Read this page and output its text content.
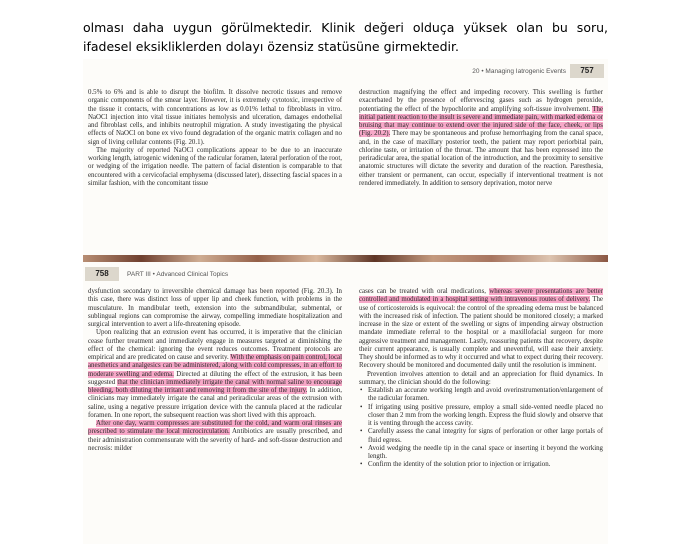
olması daha uygun görülmektedir. Klinik değeri olduça yüksek olan bu soru, ifadesel eksikliklerden dolayı özensiz statüsüne girmektedir.
20 • Managing Iatrogenic Events	757

0.5% to 6% and is able to disrupt the biofilm. It dissolve necrotic tissues and remove organic components of the smear layer. However, it is extremely cytotoxic, irrespective of the tissue it contacts, with concentrations as low as 0.01% lethal to fibroblasts in vitro. NaOCl injection into vital tissue initiates hemolysis and ulceration, damages endothelial and fibroblast cells, and inhibits neutrophil migration. A study investigating the physical effects of NaOCl on bone ex vivo found degradation of the organic matrix collagen and no sign of living cellular contents (Fig. 20.1).

The majority of reported NaOCl complications appear to be due to an inaccurate working length, iatrogenic widening of the radicular foramen, lateral perforation of the root, or wedging of the irrigation needle. The pattern of facial distention is comparable to that encountered with a cervicofacial emphysema (discussed later), dissecting fascial spaces in a similar fashion, with the concomitant tissue

destruction magnifying the effect and impeding recovery. This swelling is further exacerbated by the presence of effervescing gases such as hydrogen peroxide, potentiating the effect of the hypochlorite and amplifying soft-tissue involvement. The initial patient reaction to the insult is severe and immediate pain, with marked edema or bruising that may continue to extend over the injured side of the face, cheek, or lips (Fig. 20.2). There may be spontaneous and profuse hemorrhaging from the canal space, and, in the case of maxillary posterior teeth, the patient may report periorbital pain, chlorine taste, or irritation of the throat. The amount that has been expressed into the periradicular area, the spatial location of the introduction, and the proximity to sensitive anatomic structures will dictate the severity and duration of the reaction. Paresthesia, either transient or permanent, can occur, especially if interventional treatment is not rendered immediately. In addition to sensory deprivation, motor nerve

758	PART III • Advanced Clinical Topics

dysfunction secondary to irreversible chemical damage has been reported (Fig. 20.3). In this case, there was distinct loss of upper lip and cheek function, with problems in the musculature. In mandibular teeth, extension into the submandibular, submental, or sublingual regions can compromise the airway, compelling immediate hospitalization and surgical intervention to avert a life-threatening episode.

Upon realizing that an extrusion event has occurred, it is imperative that the clinician cease further treatment and immediately engage in measures targeted at diminishing the effect of the chemical: ignoring the event reduces outcomes. Treatment protocols are empirical and are predicated on cause and severity. With the emphasis on pain control, local anesthetics and analgesics can be administered, along with cold compresses, in an effort to moderate swelling and edema. Directed at diluting the effect of the extrusion, it has been suggested that the clinician immediately irrigate the canal with normal saline to encourage bleeding, both diluting the irritant and removing it from the site of the injury. In addition, clinicians may immediately irrigate the canal and periradicular areas of the extrusion with saline, using a negative pressure irrigation device with the cannula placed at the radicular foramen. In one report, the subsequent reaction was short lived with this approach.

After one day, warm compresses are substituted for the cold, and warm oral rinses are prescribed to stimulate the local microcirculation. Antibiotics are usually prescribed, and their administration commensurate with the severity of hard- and soft-tissue destruction and necrosis: milder

cases can be treated with oral medications, whereas severe presentations are better controlled and modulated in a hospital setting with intravenous routes of delivery. The use of corticosteroids is equivocal: the control of the spreading edema must be balanced with the increased risk of infection. The patient should be monitored closely; a marked increase in the size or extent of the swelling or signs of impending airway obstruction mandate immediate referral to the hospital or a maxillofacial surgeon for more aggressive treatment and management. Lastly, reassuring patients that recovery, despite their current appearance, is usually complete and uneventful, will ease their anxiety. They should be informed as to why it occurred and what to expect during their recovery. Recovery should be monitored and documented daily until the resolution is imminent.

Prevention involves attention to detail and an appreciation for fluid dynamics. In summary, the clinician should do the following:

• Establish an accurate working length and avoid overinstrumentation/enlargement of the radicular foramen.
• If irrigating using positive pressure, employ a small side-vented needle placed no closer than 2 mm from the working length. Express the fluid slowly and observe that it is venting through the access cavity.
• Carefully assess the canal integrity for signs of perforation or other large portals of fluid egress.
• Avoid wedging the needle tip in the canal space or inserting it beyond the working length.
• Confirm the identity of the solution prior to injection or irrigation.
